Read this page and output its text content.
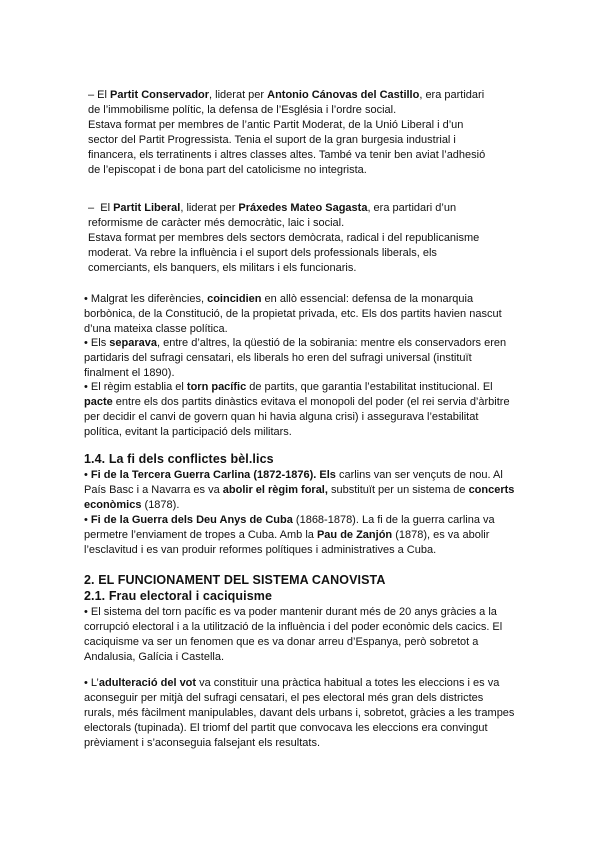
– El Partit Conservador, liderat per Antonio Cánovas del Castillo, era partidari
de l’immobilisme polític, la defensa de l’Església i l’ordre social.
Estava format per membres de l’antic Partit Moderat, de la Unió Liberal i d’un
sector del Partit Progressista. Tenia el suport de la gran burgesia industrial i
financera, els terratinents i altres classes altes. També va tenir ben aviat l’adhesió
de l’episcopat i de bona part del catolicisme no integrista.

–  El Partit Liberal, liderat per Práxedes Mateo Sagasta, era partidari d’un
reformisme de caràcter més democràtic, laic i social.
Estava format per membres dels sectors demòcrata, radical i del republicanisme
moderat. Va rebre la influència i el suport dels professionals liberals, els
comerciants, els banquers, els militars i els funcionaris.

• Malgrat les diferències, coincidien en allò essencial: defensa de la monarquia
borbònica, de la Constitució, de la propietat privada, etc. Els dos partits havien nascut
d’una mateixa classe política.

• Els separava, entre d’altres, la qüestió de la sobirania: mentre els conservadors eren
partidaris del sufragi censatari, els liberals ho eren del sufragi universal (instituït
finalment el 1890).

• El règim establia el torn pacífic de partits, que garantia l’estabilitat institucional. El
pacte entre els dos partits dinàstics evitava el monopoli del poder (el rei servia d’àrbitre
per decidir el canvi de govern quan hi havia alguna crisi) i assegurava l’estabilitat
política, evitant la participació dels militars.

1.4. La fi dels conflictes bèl.lics

• Fi de la Tercera Guerra Carlina (1872-1876). Els carlins van ser vençuts de nou. Al
País Basc i a Navarra es va abolir el règim foral, substituït per un sistema de concerts
econòmics (1878).

• Fi de la Guerra dels Deu Anys de Cuba (1868-1878). La fi de la guerra carlina va
permetre l’enviament de tropes a Cuba. Amb la Pau de Zanjón (1878), es va abolir
l’esclavitud i es van produir reformes polítiques i administratives a Cuba.

2. EL FUNCIONAMENT DEL SISTEMA CANOVISTA
2.1. Frau electoral i caciquisme

• El sistema del torn pacífic es va poder mantenir durant més de 20 anys gràcies a la
corrupció electoral i a la utilització de la influència i del poder econòmic dels cacics. El
caciquisme va ser un fenomen que es va donar arreu d’Espanya, però sobretot a
Andalusia, Galícia i Castella.

• L’adulteració del vot va constituir una pràctica habitual a totes les eleccions i es va
aconseguir per mitjà del sufragi censatari, el pes electoral més gran dels districtes
rurals, més fàcilment manipulables, davant dels urbans i, sobretot, gràcies a les trampes
electorals (tupinada). El triomf del partit que convocava les eleccions era convingut
prèviament i s’aconseguia falsejant els resultats.
